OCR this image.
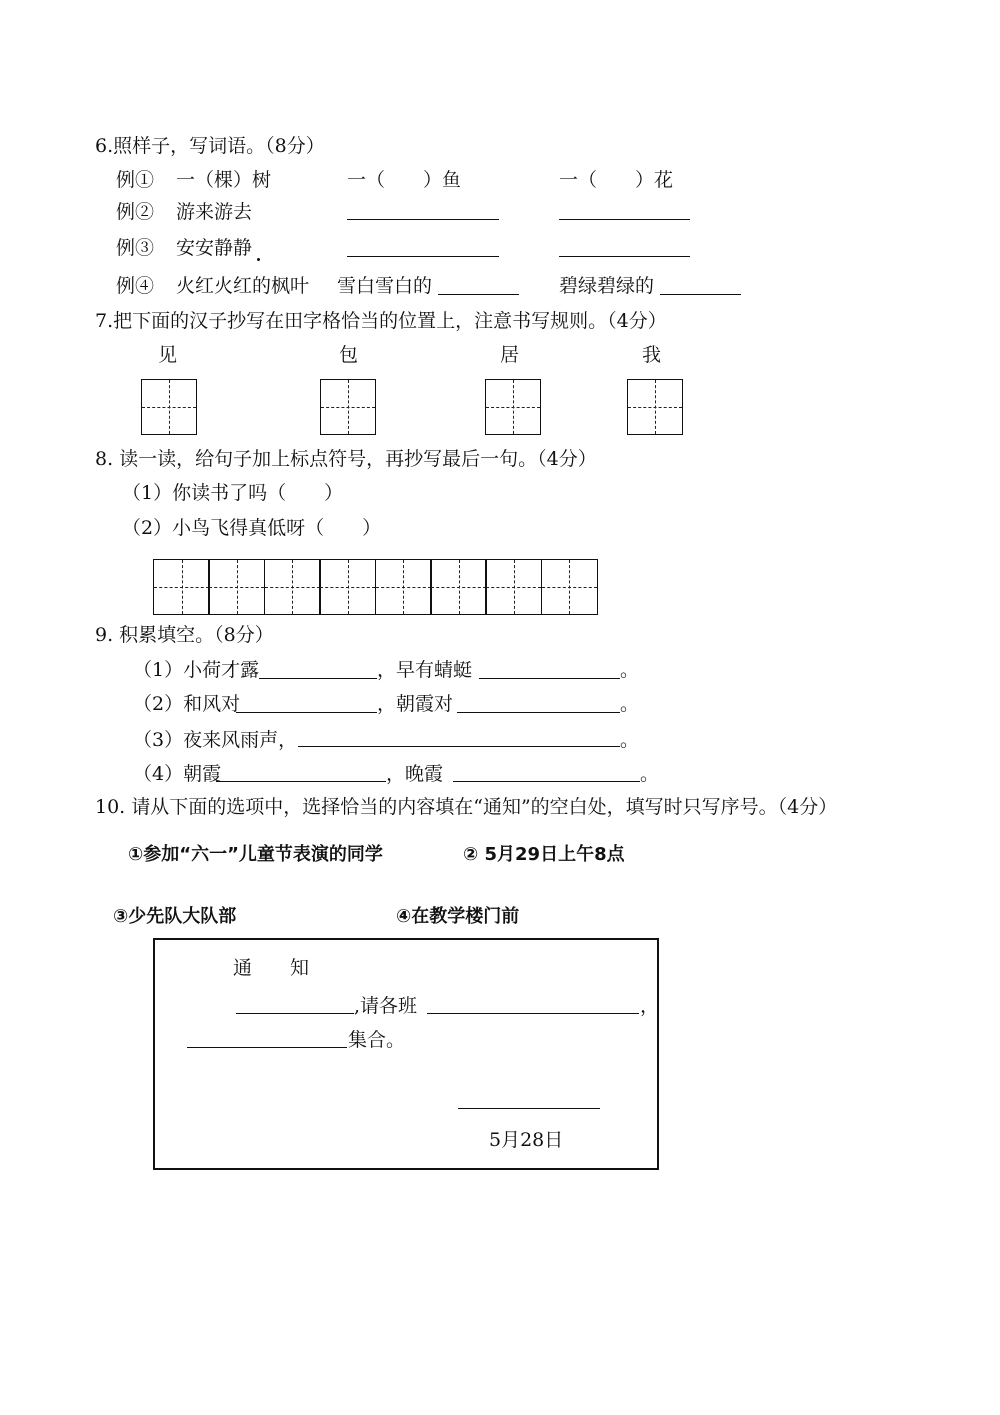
6.照样子，写词语。（8分）
例① 一（棵）树	一（　　）鱼	一（　　）花
例② 游来游去
例③ 安安静静
例④ 火红火红的枫叶 雪白雪白的	碧绿碧绿的
7.把下面的汉子抄写在田字格恰当的位置上，注意书写规则。（4分）
见	包	居	我
8. 读一读，给句子加上标点符号，再抄写最后一句。（4分）
（1）你读书了吗（　　）
（2）小鸟飞得真低呀（　　）
9. 积累填空。（8分）
（1）小荷才露	，早有蜻蜓	。
（2）和风对	，朝霞对	。
（3）夜来风雨声，	。
（4）朝霞	，晚霞	。
10. 请从下面的选项中，选择恰当的内容填在“通知”的空白处，填写时只写序号。（4分）
①参加“六一”儿童节表演的同学	② 5月29日上午8点
③少先队大队部	④在教学楼门前
通　　知
,请各班	，
集合。
5月28日
